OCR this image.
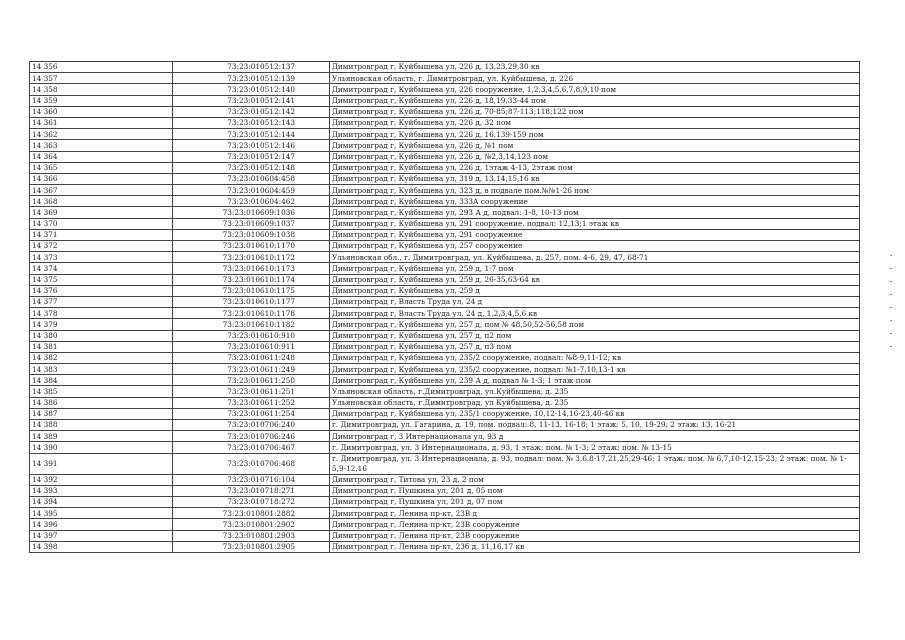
14 356	73:23:010512:137	Димитровград г, Куйбышева ул, 226 д, 13,23,29,30 кв
14 357	73:23:010512:139	Ульяновская область, г. Димитровград, ул. Куйбышева, д. 226
14 358	73:23:010512:140	Димитровград г, Куйбышева ул, 226 сооружение, 1,2,3,4,5,6,7,8,9,10 пом
14 359	73:23:010512:141	Димитровград г, Куйбышева ул, 226 д, 18,19,33-44 пом
14 360	73:23:010512:142	Димитровград г, Куйбышева ул, 226 д, 70-85;87-113;118;122 пом
14 361	73:23:010512:143	Димитровград г, Куйбышева ул, 226 д, 32 пом
14 362	73:23:010512:144	Димитровград г, Куйбышева ул, 226 д, 16,139-159 пом
14 363	73:23:010512:146	Димитровград г, Куйбышева ул, 226 д, №1 пом
14 364	73:23:010512:147	Димитровград г, Куйбышева ул, 226 д, №2,3,14,123 пом
14 365	73:23:010512:148	Димитровград г, Куйбышева ул, 226 д, 1этаж 4-13, 2этаж пом
14 366	73:23:010604:458	Димитровград г, Куйбышева ул, 319 д, 13,14,15,16 кв
14 367	73:23:010604:459	Димитровград г, Куйбышева ул, 323 д, в подвале пом.№№1-26 пом
14 368	73:23:010604:462	Димитровград г, Куйбышева ул, 333А сооружение
14 369	73:23:010609:1036	Димитровград г, Куйбышева ул, 293 А д, подвал: 1-8, 10-13 пом
14 370	73:23:010609:1037	Димитровград г, Куйбышева ул, 291 сооружение, подвал: 12,13;1 этаж кв
14 371	73:23:010609:1038	Димитровград г, Куйбышева ул, 291 сооружение
14 372	73:23:010610:1170	Димитровград г, Куйбышева ул, 257 сооружение
14 373	73:23:010610:1172	Ульяновская обл., г. Димитровград, ул. Куйбышева, д. 257, пом. 4-6, 29, 47, 68-71
14 374	73:23:010610:1173	Димитровград г, Куйбышева ул, 259 д, 1-7 пом
14 375	73:23:010610:1174	Димитровград г, Куйбышева ул, 259 д, 26-35,63-64 кв
14 376	73:23:010610:1175	Димитровград г, Куйбышева ул, 259 д
14 377	73:23:010610:1177	Димитровград г, Власть Труда ул, 24 д
14 378	73:23:010610:1178	Димитровград г, Власть Труда ул, 24 д, 1,2,3,4,5,6 кв
14 379	73:23:010610:1182	Димитровград г, Куйбышева ул, 257 д, пом № 48,50,52-56,58 пом
14 380	73:23:010610:910	Димитровград г, Куйбышева ул, 257 д, п2 пом
14 381	73:23:010610:911	Димитровград г, Куйбышева ул, 257 д, п3 пом
14 382	73:23:010611:248	Димитровград г, Куйбышева ул, 235/2 сооружение, подвал: №8-9,11-12; кв
14 383	73:23:010611:249	Димитровград г, Куйбышева ул, 235/2 сооружение, подвал: №1-7,10,13-1 кв
14 384	73:23:010611:250	Димитровград г, Куйбышева ул, 239 А д, подвал № 1-3; 1 этаж пом
14 385	73:23:010611:251	Ульяновская область, г.Димитровград, ул.Куйбышева, д. 235
14 386	73:23:010611:252	Ульяновская область, г.Димитровград, ул Куйбышева, д. 235
14 387	73:23:010611:254	Димитровград г, Куйбышева ул, 235/1 сооружение, 10,12-14,16-23,40-46 кв
14 388	73:23:010706:240	г. Димитровград, ул. Гагарина, д. 19, пом. подвал: 8, 11-13, 16-18; 1 этаж: 5, 10, 19-29; 2 этаж: 13, 16-21
14 389	73:23:010706:246	Димитровград г, 3 Интернационала ул, 93 д
14 390	73:23:010706:467	г. Димитровград, ул. 3 Интернационала, д. 93, 1 этаж: пом. № 1-3; 2 этаж: пом. № 13-15
14 391	73:23:010706:468	г. Димитровград, ул. 3 Интернационала, д. 93, подвал: пом. № 3,6,8-17,21,25,29-46; 1 этаж: пом. № 6,7,10-12,15-23; 2 этаж: пом. № 1-5,9-12,16
14 392	73:23:010716:104	Димитровград г, Титова ул, 23 д, 2 пом
14 393	73:23:010718:271	Димитровград г, Пушкина ул, 201 д, 05 пом
14 394	73:23:010718:272	Димитровград г, Пушкина ул, 201 д, 07 пом
14 395	73:23:010801:2882	Димитровград г, Ленина пр-кт, 23В д
14 396	73:23:010801:2902	Димитровград г, Ленина пр-кт, 23В сооружение
14 397	73:23:010801:2903	Димитровград г, Ленина пр-кт, 23В сооружение
14 398	73:23:010801:2905	Димитровград г, Ленина пр-кт, 23б д, 11,16,17 кв
